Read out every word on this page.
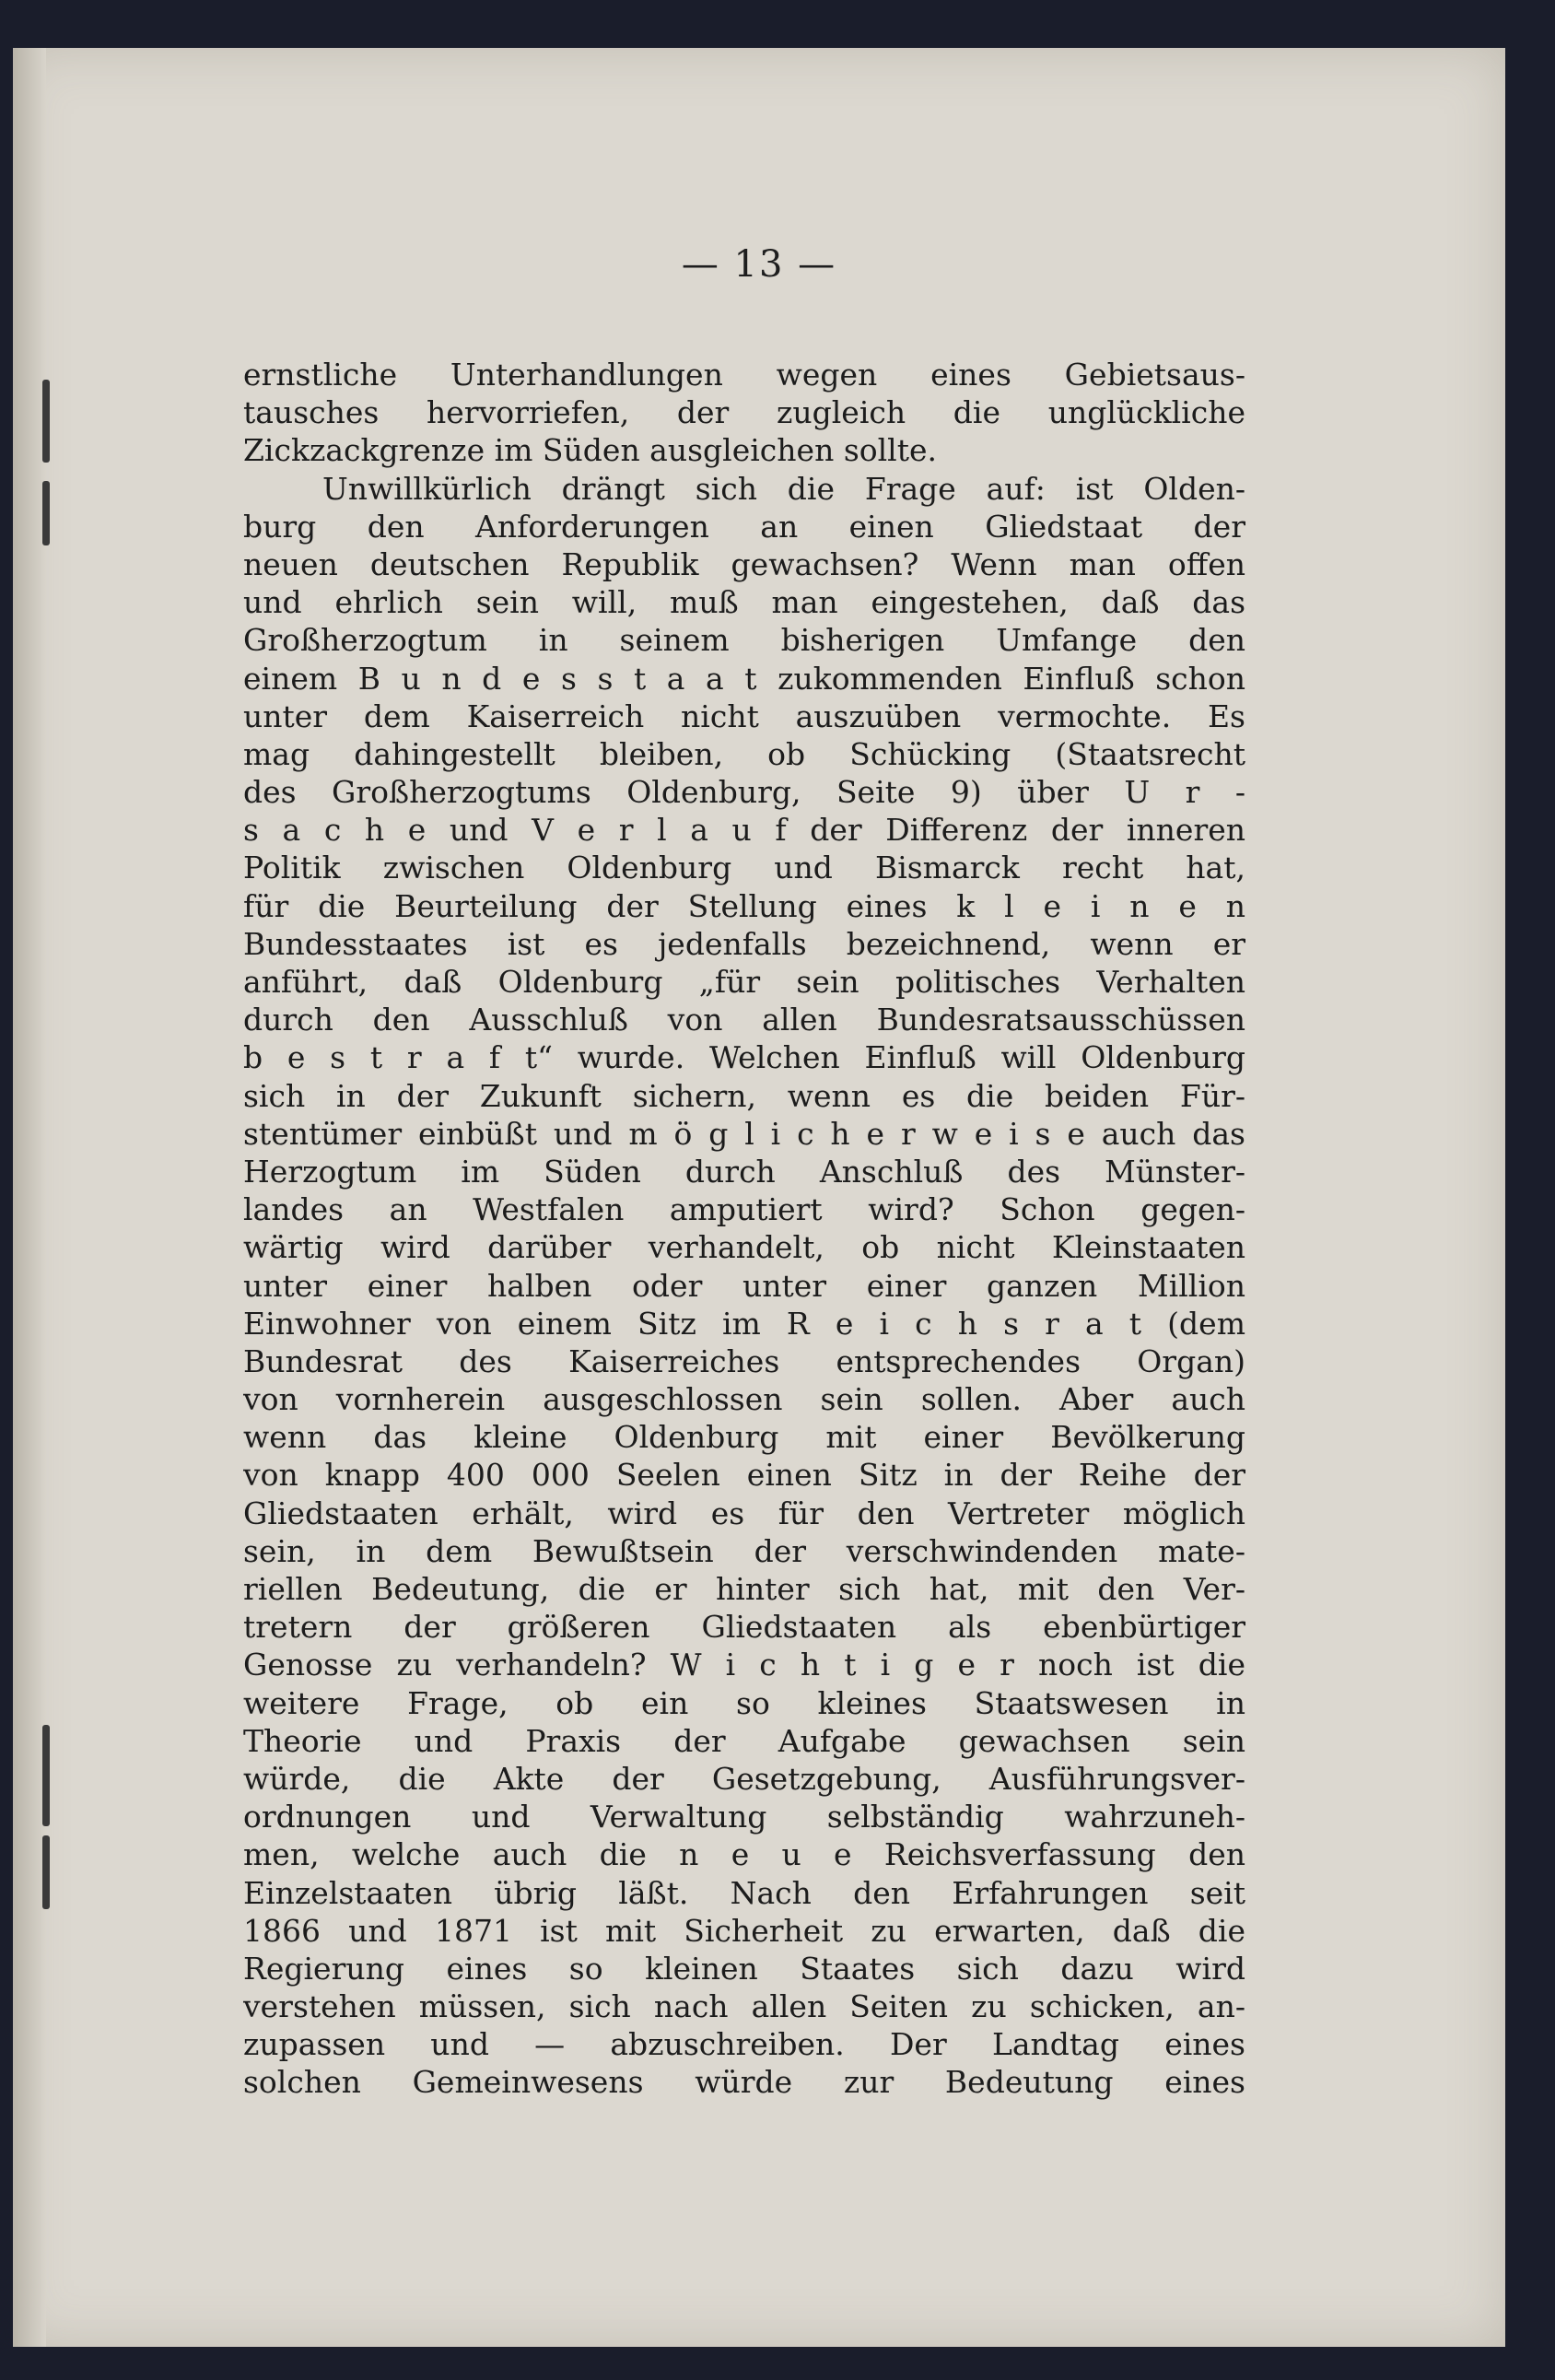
— 13 —
ernstliche Unterhandlungen wegen eines Gebietsaus-
tausches hervorriefen, der zugleich die unglückliche
Zickzackgrenze im Süden ausgleichen sollte.
Unwillkürlich drängt sich die Frage auf: ist Olden-
burg den Anforderungen an einen Gliedstaat der
neuen deutschen Republik gewachsen? Wenn man offen
und ehrlich sein will, muß man eingestehen, daß das
Großherzogtum in seinem bisherigen Umfange den
einem B u n d e s s t a a t zukommenden Einfluß schon
unter dem Kaiserreich nicht auszuüben vermochte. Es
mag dahingestellt bleiben, ob Schücking (Staatsrecht
des Großherzogtums Oldenburg, Seite 9) über U r -
s a c h e und V e r l a u f der Differenz der inneren
Politik zwischen Oldenburg und Bismarck recht hat,
für die Beurteilung der Stellung eines k l e i n e n
Bundesstaates ist es jedenfalls bezeichnend, wenn er
anführt, daß Oldenburg „für sein politisches Verhalten
durch den Ausschluß von allen Bundesratsausschüssen
b e s t r a f t“ wurde. Welchen Einfluß will Oldenburg
sich in der Zukunft sichern, wenn es die beiden Für-
stentümer einbüßt und m ö g l i c h e r w e i s e auch das
Herzogtum im Süden durch Anschluß des Münster-
landes an Westfalen amputiert wird? Schon gegen-
wärtig wird darüber verhandelt, ob nicht Kleinstaaten
unter einer halben oder unter einer ganzen Million
Einwohner von einem Sitz im R e i c h s r a t (dem
Bundesrat des Kaiserreiches entsprechendes Organ)
von vornherein ausgeschlossen sein sollen. Aber auch
wenn das kleine Oldenburg mit einer Bevölkerung
von knapp 400 000 Seelen einen Sitz in der Reihe der
Gliedstaaten erhält, wird es für den Vertreter möglich
sein, in dem Bewußtsein der verschwindenden mate-
riellen Bedeutung, die er hinter sich hat, mit den Ver-
tretern der größeren Gliedstaaten als ebenbürtiger
Genosse zu verhandeln? W i c h t i g e r noch ist die
weitere Frage, ob ein so kleines Staatswesen in
Theorie und Praxis der Aufgabe gewachsen sein
würde, die Akte der Gesetzgebung, Ausführungsver-
ordnungen und Verwaltung selbständig wahrzuneh-
men, welche auch die n e u e Reichsverfassung den
Einzelstaaten übrig läßt. Nach den Erfahrungen seit
1866 und 1871 ist mit Sicherheit zu erwarten, daß die
Regierung eines so kleinen Staates sich dazu wird
verstehen müssen, sich nach allen Seiten zu schicken, an-
zupassen und — abzuschreiben. Der Landtag eines
solchen Gemeinwesens würde zur Bedeutung eines
